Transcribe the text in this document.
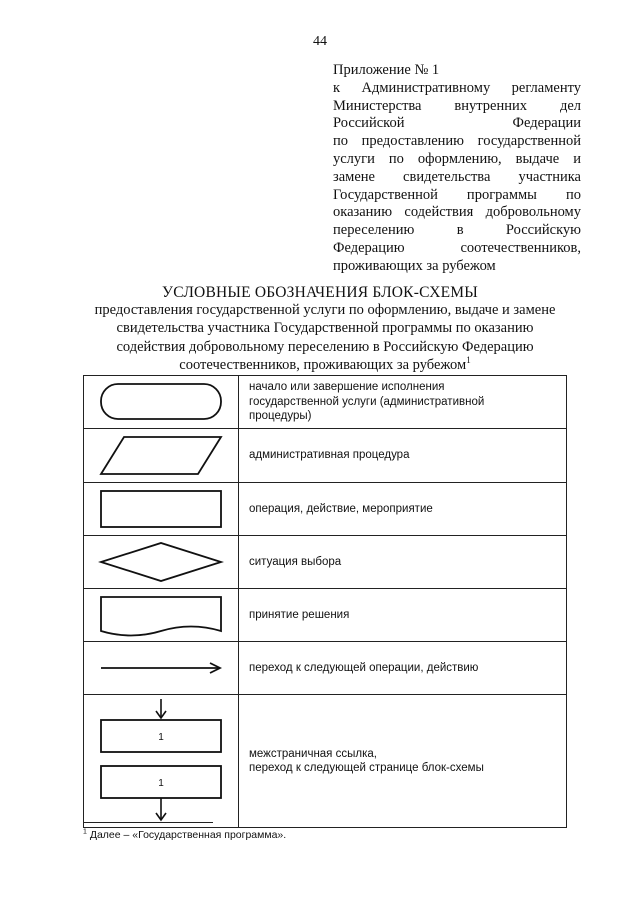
44
Приложение № 1
к Административному регламенту
Министерства внутренних дел
Российской Федерации
по предоставлению государственной
услуги по оформлению, выдаче и
замене свидетельства участника
Государственной программы по
оказанию содействия добровольному
переселению в Российскую
Федерацию соотечественников,
проживающих за рубежом
УСЛОВНЫЕ ОБОЗНАЧЕНИЯ БЛОК-СХЕМЫ
предоставления государственной услуги по оформлению, выдаче и замене
свидетельства участника Государственной программы по оказанию
содействия добровольному переселению в Российскую Федерацию
соотечественников, проживающих за рубежом$^1$

начало или завершение исполнения
государственной услуги (административной
процедуры)

административная процедура

операция, действие, мероприятие

ситуация выбора

принятие решения

переход к следующей операции, действию

1
1	межстраничная ссылка,
переход к следующей странице блок-схемы
$^1$ Далее – «Государственная программа».
